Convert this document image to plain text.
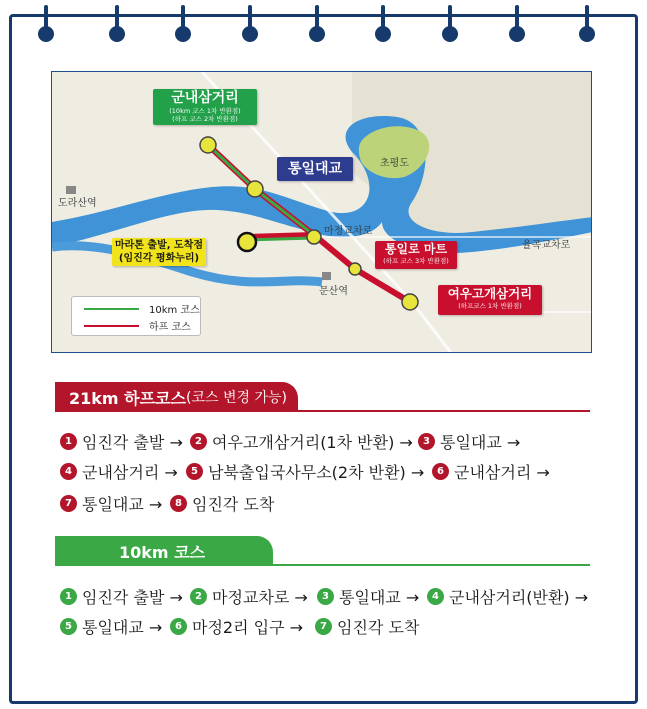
도라산역
초평도
마정교차로
문산역
율곡교차로
군내삼거리
(10km 코스 1차 반환점)
(하프 코스 2차 반환점)
통일대교
마라톤 출발, 도착점
(임진각 평화누리)
통일로 마트
(하프 코스 3차 반환점)
여우고개삼거리
(하프코스 1차 반환점)
10km 코스
하프 코스
21km 하프코스 (코스 변경 가능)
1 임진각 출발 →	2 여우고개삼거리(1차 반환) →	3 통일대교 →
4 군내삼거리 →	5 남북출입국사무소(2차 반환) →	6 군내삼거리 →
7 통일대교 →	8 임진각 도착
10km 코스
1 임진각 출발 →	2 마정교차로 →	3 통일대교 →	4 군내삼거리(반환) →
5 통일대교 →	6 마정2리 입구 →	7 임진각 도착
